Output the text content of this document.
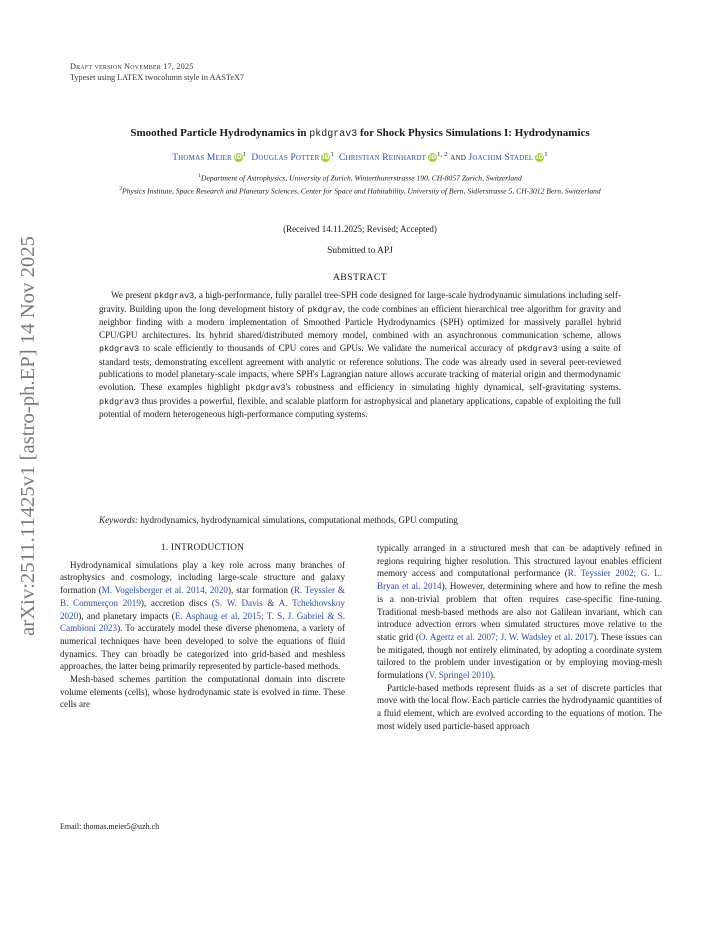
Draft version November 17, 2025
Typeset using LATEX twocolumn style in AASTeX7
arXiv:2511.11425v1 [astro-ph.EP] 14 Nov 2025
Smoothed Particle Hydrodynamics in pkdgrav3 for Shock Physics Simulations I: Hydrodynamics
Thomas Meier $iD^1$ Douglas Potter $iD^1$ Christian Reinhardt iD$^{1, 2}$ and Joachim Stadel $iD^1$
$^1$Department of Astrophysics, University of Zurich, Winterthurerstrasse 190, CH-8057 Zurich, Switzerland
$^2$Physics Institute, Space Research and Planetary Sciences, Center for Space and Habitability, University of Bern, Sidlerstrasse 5, CH-3012 Bern, Switzerland
(Received 14.11.2025; Revised; Accepted)
Submitted to APJ
ABSTRACT
We present pkdgrav3, a high-performance, fully parallel tree-SPH code designed for large-scale hydrodynamic simulations including self-gravity. Building upon the long development history of pkdgrav, the code combines an efficient hierarchical tree algorithm for gravity and neighbor finding with a modern implementation of Smoothed Particle Hydrodynamics (SPH) optimized for massively parallel hybrid CPU/GPU architectures. Its hybrid shared/distributed memory model, combined with an asynchronous communication scheme, allows pkdgrav3 to scale efficiently to thousands of CPU cores and GPUs. We validate the numerical accuracy of pkdgrav3 using a suite of standard tests, demonstrating excellent agreement with analytic or reference solutions. The code was already used in several peer-reviewed publications to model planetary-scale impacts, where SPH's Lagrangian nature allows accurate tracking of material origin and thermodynamic evolution. These examples highlight pkdgrav3's robustness and efficiency in simulating highly dynamical, self-gravitating systems. pkdgrav3 thus provides a powerful, flexible, and scalable platform for astrophysical and planetary applications, capable of exploiting the full potential of modern heterogeneous high-performance computing systems.
Keywords: hydrodynamics, hydrodynamical simulations, computational methods, GPU computing
1. INTRODUCTION

Hydrodynamical simulations play a key role across many branches of astrophysics and cosmology, including large-scale structure and galaxy formation (M. Vogelsberger et al. 2014, 2020), star formation (R. Teyssier & B. Commerçon 2019), accretion discs (S. W. Davis & A. Tchekhovskoy 2020), and planetary impacts (E. Asphaug et al. 2015; T. S. J. Gabriel & S. Cambioni 2023). To accurately model these diverse phenomena, a variety of numerical techniques have been developed to solve the equations of fluid dynamics. They can broadly be categorized into grid-based and meshless approaches, the latter being primarily represented by particle-based methods.

Mesh-based schemes partition the computational domain into discrete volume elements (cells), whose hydrodynamic state is evolved in time. These cells are

typically arranged in a structured mesh that can be adaptively refined in regions requiring higher resolution. This structured layout enables efficient memory access and computational performance (R. Teyssier 2002; G. L. Bryan et al. 2014). However, determining where and how to refine the mesh is a non-trivial problem that often requires case-specific fine-tuning. Traditional mesh-based methods are also not Galilean invariant, which can introduce advection errors when simulated structures move relative to the static grid (O. Agertz et al. 2007; J. W. Wadsley et al. 2017). These issues can be mitigated, though not entirely eliminated, by adopting a coordinate system tailored to the problem under investigation or by employing moving-mesh formulations (V. Springel 2010).

Particle-based methods represent fluids as a set of discrete particles that move with the local flow. Each particle carries the hydrodynamic quantities of a fluid element, which are evolved according to the equations of motion. The most widely used particle-based approach

Email: thomas.meier5@uzh.ch
